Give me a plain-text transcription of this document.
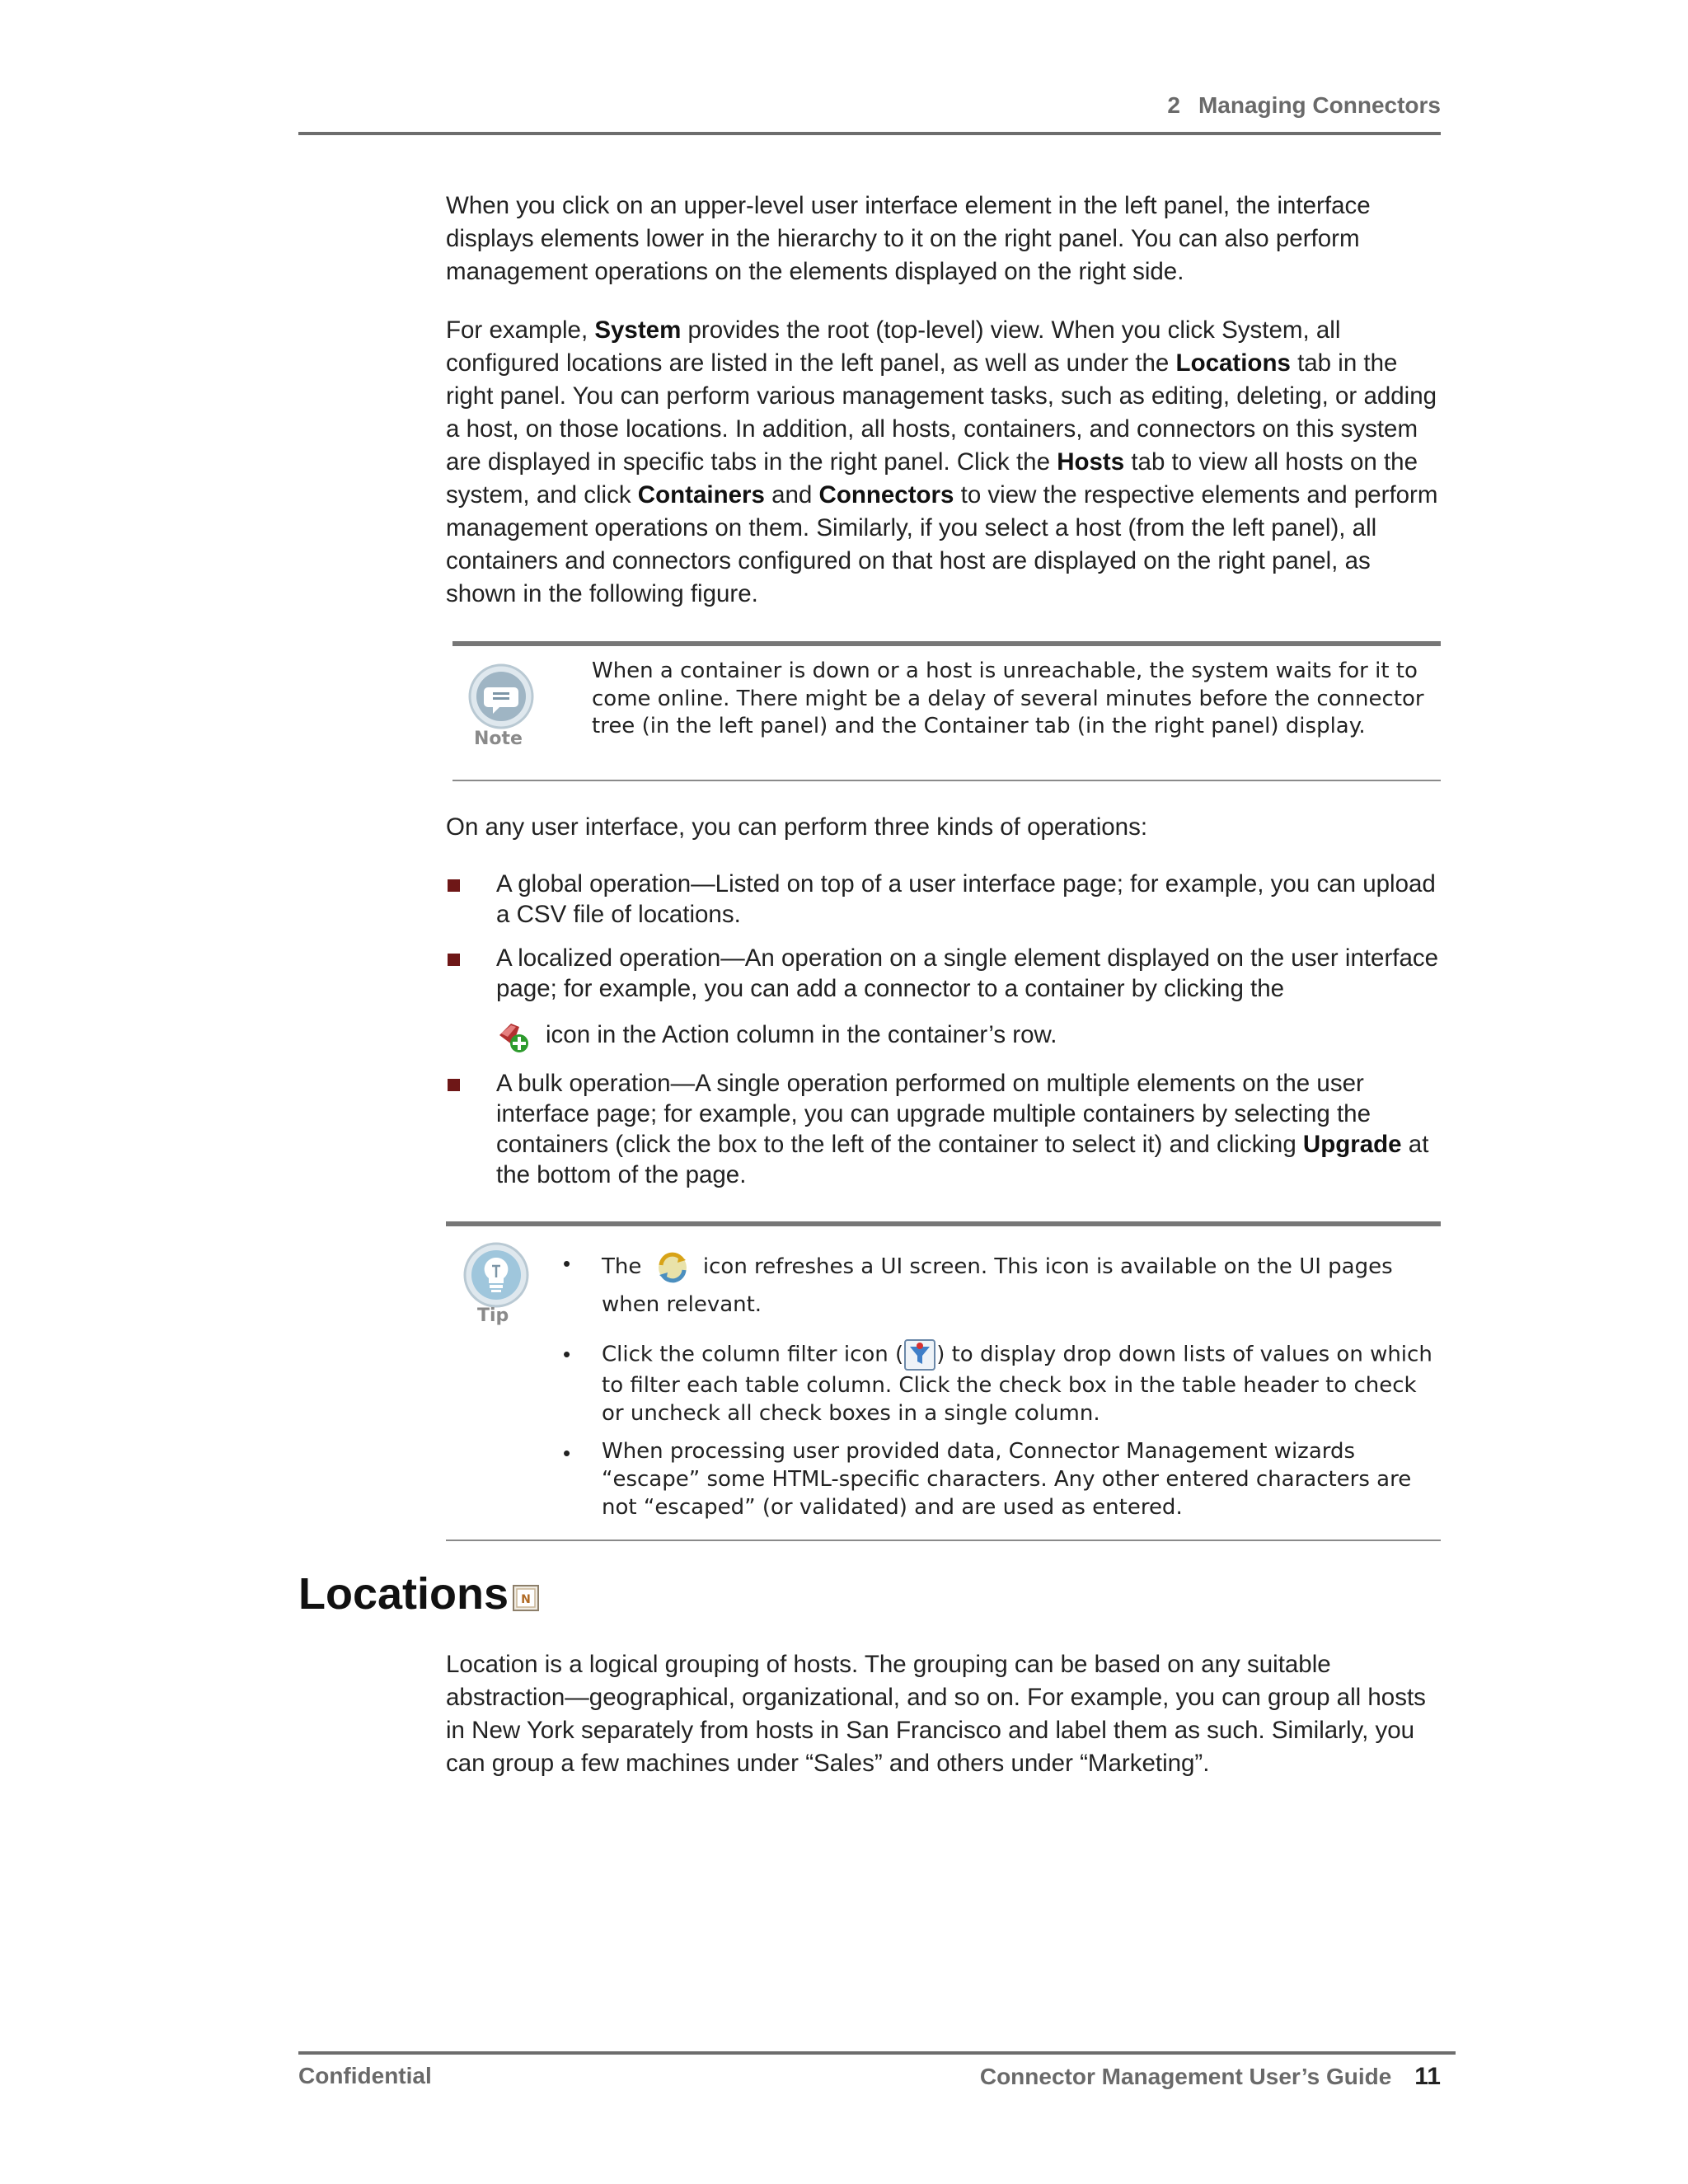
2 Managing Connectors
When you click on an upper-level user interface element in the left panel, the interface displays elements lower in the hierarchy to it on the right panel. You can also perform management operations on the elements displayed on the right side.
For example, System provides the root (top-level) view. When you click System, all configured locations are listed in the left panel, as well as under the Locations tab in the right panel. You can perform various management tasks, such as editing, deleting, or adding a host, on those locations. In addition, all hosts, containers, and connectors on this system are displayed in specific tabs in the right panel. Click the Hosts tab to view all hosts on the system, and click Containers and Connectors to view the respective elements and perform management operations on them. Similarly, if you select a host (from the left panel), all containers and connectors configured on that host are displayed on the right panel, as shown in the following figure.
Note
When a container is down or a host is unreachable, the system waits for it to come online. There might be a delay of several minutes before the connector tree (in the left panel) and the Container tab (in the right panel) display.
On any user interface, you can perform three kinds of operations:
A global operation—Listed on top of a user interface page; for example, you can upload a CSV file of locations.
A localized operation—An operation on a single element displayed on the user interface page; for example, you can add a connector to a container by clicking the
icon in the Action column in the container’s row.
A bulk operation—A single operation performed on multiple elements on the user interface page; for example, you can upgrade multiple containers by selecting the containers (click the box to the left of the container to select it) and clicking Upgrade at the bottom of the page.
Tip
• The	icon refreshes a UI screen. This icon is available on the UI pages when relevant.
• Click the column filter icon ( ) to display drop down lists of values on which to filter each table column. Click the check box in the table header to check or uncheck all check boxes in a single column.
• When processing user provided data, Connector Management wizards “escape” some HTML-specific characters. Any other entered characters are not “escaped” (or validated) and are used as entered.
Locations N
Location is a logical grouping of hosts. The grouping can be based on any suitable abstraction—geographical, organizational, and so on. For example, you can group all hosts in New York separately from hosts in San Francisco and label them as such. Similarly, you can group a few machines under “Sales” and others under “Marketing”.
Confidential	Connector Management User’s Guide 11
